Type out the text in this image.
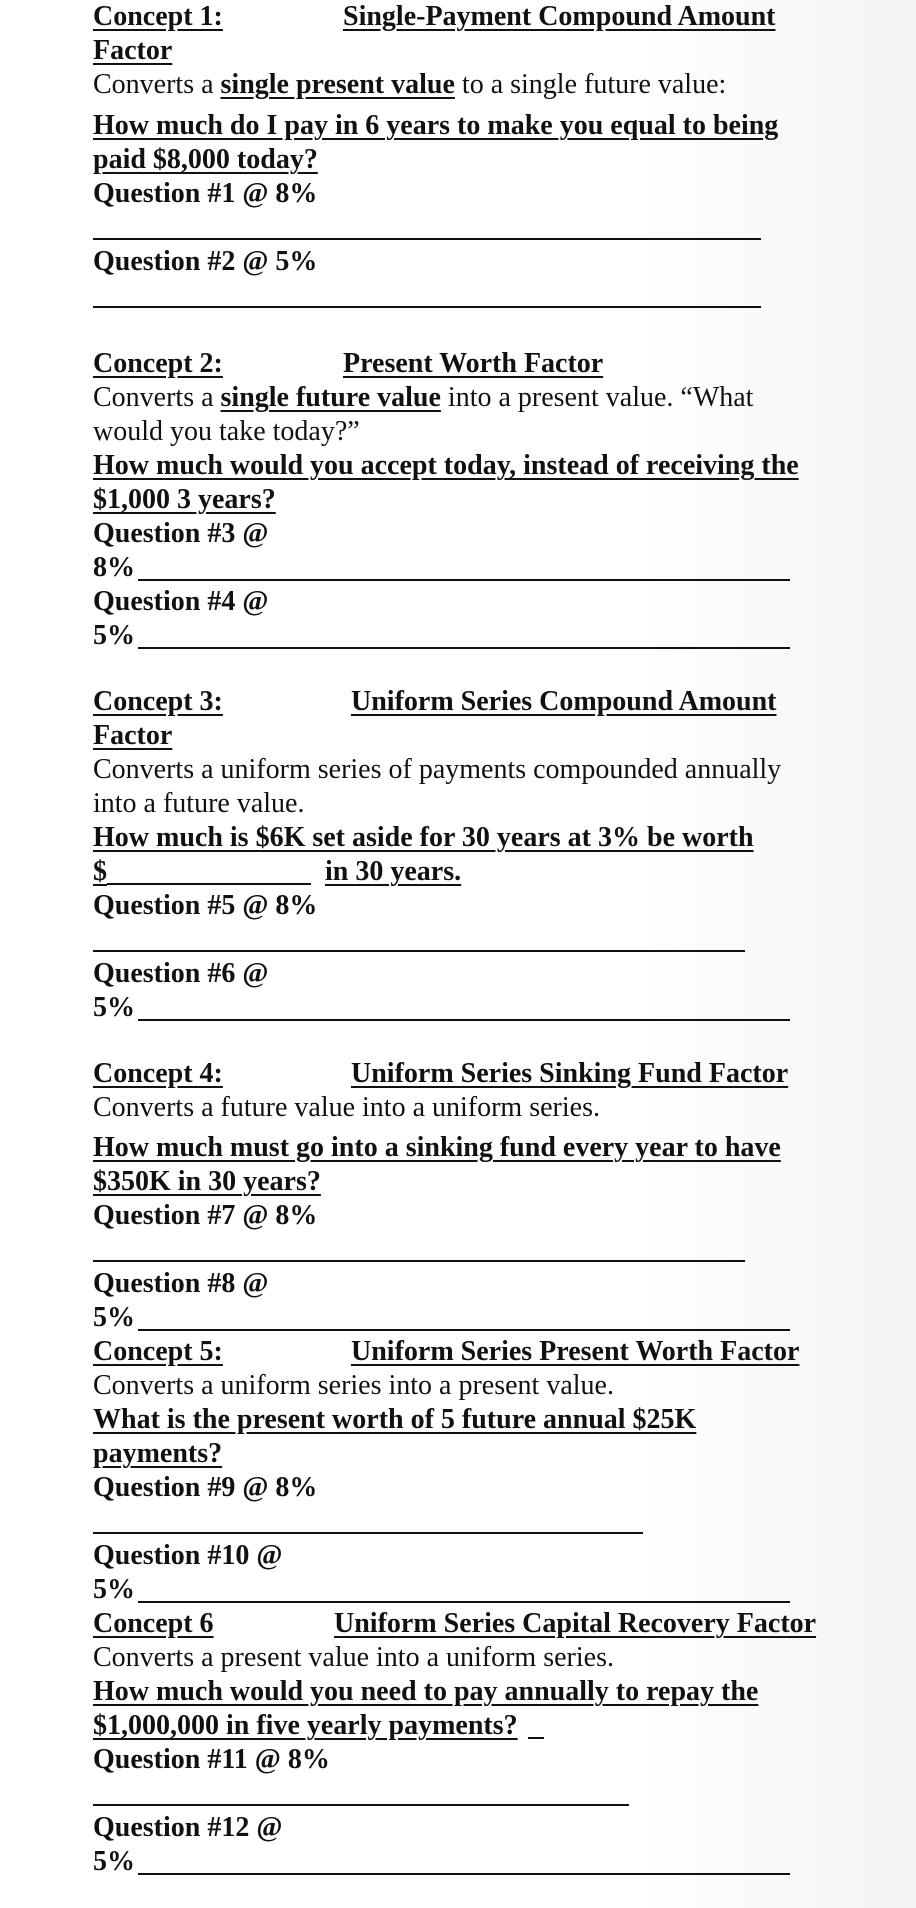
Concept 1:	Single-Payment Compound Amount
Factor
Converts a single present value to a single future value:
How much do I pay in 6 years to make you equal to being
paid $8,000 today?
Question #1 @ 8%
Question #2 @ 5%
Concept 2:	Present Worth Factor
Converts a single future value into a present value. “What
would you take today?”
How much would you accept today, instead of receiving the
$1,000 3 years?
Question #3 @
8%
Question #4 @
5%
Concept 3:	Uniform Series Compound Amount
Factor
Converts a uniform series of payments compounded annually
into a future value.
How much is $6K set aside for 30 years at 3% be worth
$	in 30 years.
Question #5 @ 8%
Question #6 @
5%
Concept 4:	Uniform Series Sinking Fund Factor
Converts a future value into a uniform series.
How much must go into a sinking fund every year to have
$350K in 30 years?
Question #7 @ 8%
Question #8 @
5%
Concept 5:	Uniform Series Present Worth Factor
Converts a uniform series into a present value.
What is the present worth of 5 future annual $25K
payments?
Question #9 @ 8%
Question #10 @
5%
Concept 6	Uniform Series Capital Recovery Factor
Converts a present value into a uniform series.
How much would you need to pay annually to repay the
$1,000,000 in five yearly payments?
Question #11 @ 8%
Question #12 @
5%
